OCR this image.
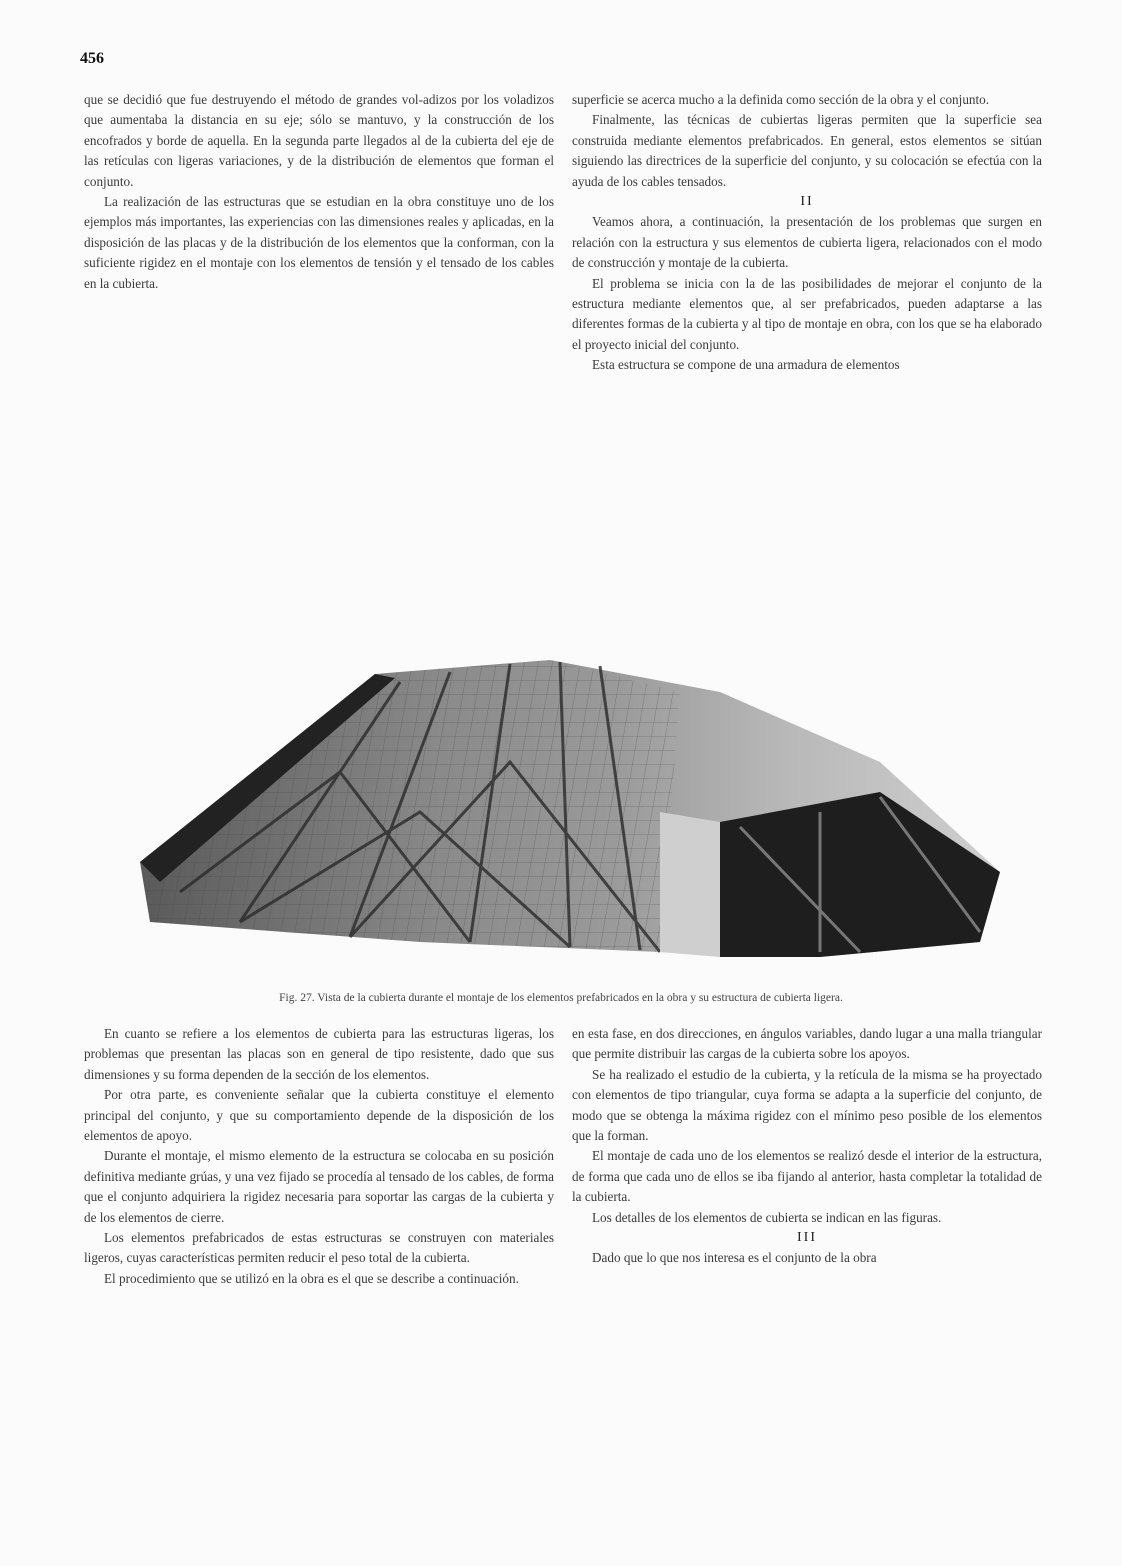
456

que se decidió que fue destruyendo el método de grandes vol-adizos por los voladizos que aumentaba la distancia en su eje; sólo se mantuvo, y la construcción de los encofrados y borde de aquella. En la segunda parte llegados al de la cubierta del eje de las retículas con ligeras variaciones, y de la distribución de elementos que forman el conjunto.

La realización de las estructuras que se estudian en la obra constituye uno de los ejemplos más importantes, las experiencias con las dimensiones reales y aplicadas, en la disposición de las placas y de la distribución de los elementos que la conforman, con la suficiente rigidez en el montaje con los elementos de tensión y el tensado de los cables en la cubierta.

superficie se acerca mucho a la definida como sección de la obra y el conjunto.

Finalmente, las técnicas de cubiertas ligeras permiten que la superficie sea construida mediante elementos prefabricados. En general, estos elementos se sitúan siguiendo las directrices de la superficie del conjunto, y su colocación se efectúa con la ayuda de los cables tensados.

II

Veamos ahora, a continuación, la presentación de los problemas que surgen en relación con la estructura y sus elementos de cubierta ligera, relacionados con el modo de construcción y montaje de la cubierta.

El problema se inicia con la de las posibilidades de mejorar el conjunto de la estructura mediante elementos que, al ser prefabricados, pueden adaptarse a las diferentes formas de la cubierta y al tipo de montaje en obra, con los que se ha elaborado el proyecto inicial del conjunto.

Esta estructura se compone de una armadura de elementos

Fig. 27. Vista de la cubierta durante el montaje de los elementos prefabricados en la obra y su estructura de cubierta ligera.

En cuanto se refiere a los elementos de cubierta para las estructuras ligeras, los problemas que presentan las placas son en general de tipo resistente, dado que sus dimensiones y su forma dependen de la sección de los elementos.

Por otra parte, es conveniente señalar que la cubierta constituye el elemento principal del conjunto, y que su comportamiento depende de la disposición de los elementos de apoyo.

Durante el montaje, el mismo elemento de la estructura se colocaba en su posición definitiva mediante grúas, y una vez fijado se procedía al tensado de los cables, de forma que el conjunto adquiriera la rigidez necesaria para soportar las cargas de la cubierta y de los elementos de cierre.

Los elementos prefabricados de estas estructuras se construyen con materiales ligeros, cuyas características permiten reducir el peso total de la cubierta.

El procedimiento que se utilizó en la obra es el que se describe a continuación.

en esta fase, en dos direcciones, en ángulos variables, dando lugar a una malla triangular que permite distribuir las cargas de la cubierta sobre los apoyos.

Se ha realizado el estudio de la cubierta, y la retícula de la misma se ha proyectado con elementos de tipo triangular, cuya forma se adapta a la superficie del conjunto, de modo que se obtenga la máxima rigidez con el mínimo peso posible de los elementos que la forman.

El montaje de cada uno de los elementos se realizó desde el interior de la estructura, de forma que cada uno de ellos se iba fijando al anterior, hasta completar la totalidad de la cubierta.

Los detalles de los elementos de cubierta se indican en las figuras.

III

Dado que lo que nos interesa es el conjunto de la obra
